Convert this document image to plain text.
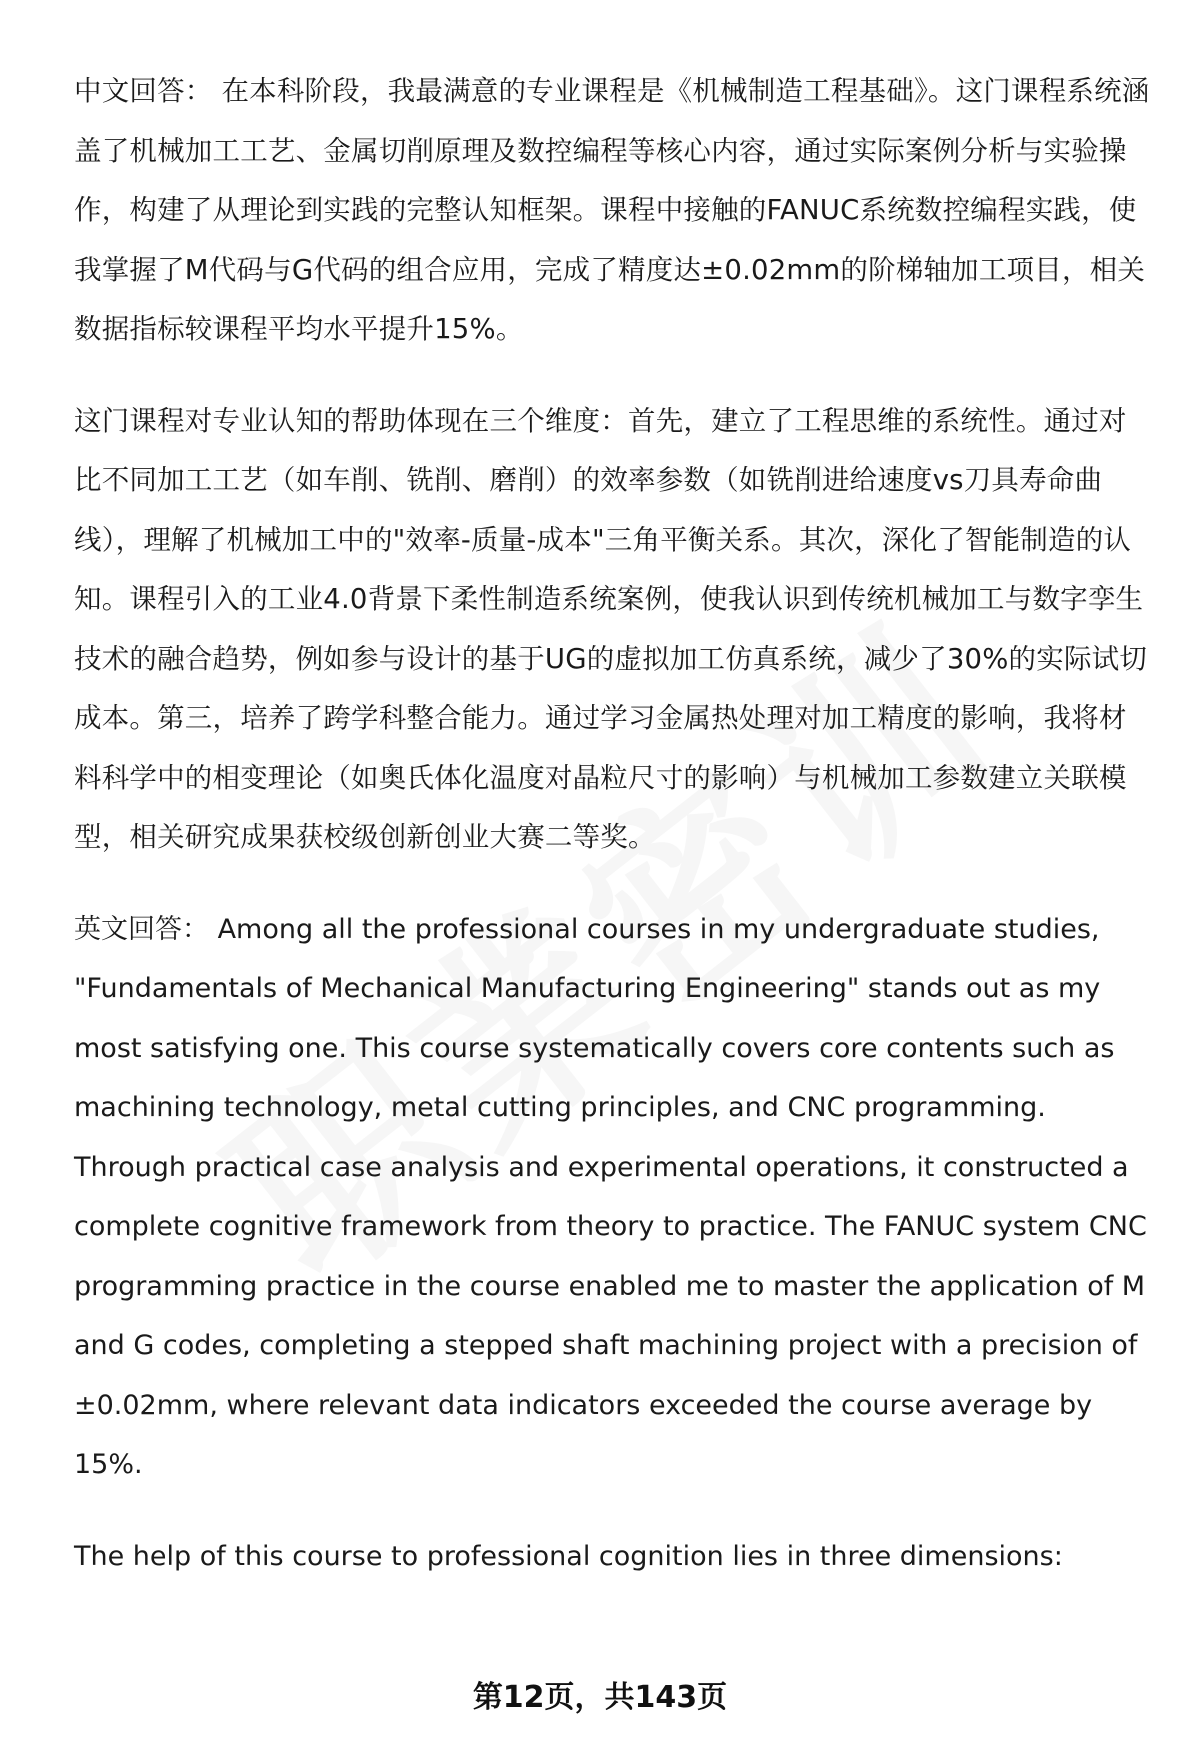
中文回答： 在本科阶段，我最满意的专业课程是《机械制造工程基础》。这门课程系统涵盖了机械加工工艺、金属切削原理及数控编程等核心内容，通过实际案例分析与实验操作，构建了从理论到实践的完整认知框架。课程中接触的FANUC系统数控编程实践，使我掌握了M代码与G代码的组合应用，完成了精度达±0.02mm的阶梯轴加工项目，相关数据指标较课程平均水平提升15%。

这门课程对专业认知的帮助体现在三个维度：首先，建立了工程思维的系统性。通过对比不同加工工艺（如车削、铣削、磨削）的效率参数（如铣削进给速度vs刀具寿命曲线），理解了机械加工中的"效率-质量-成本"三角平衡关系。其次，深化了智能制造的认知。课程引入的工业4.0背景下柔性制造系统案例，使我认识到传统机械加工与数字孪生技术的融合趋势，例如参与设计的基于UG的虚拟加工仿真系统，减少了30%的实际试切成本。第三，培养了跨学科整合能力。通过学习金属热处理对加工精度的影响，我将材料科学中的相变理论（如奥氏体化温度对晶粒尺寸的影响）与机械加工参数建立关联模型，相关研究成果获校级创新创业大赛二等奖。

英文回答： Among all the professional courses in my undergraduate studies, "Fundamentals of Mechanical Manufacturing Engineering" stands out as my most satisfying one. This course systematically covers core contents such as machining technology, metal cutting principles, and CNC programming. Through practical case analysis and experimental operations, it constructed a complete cognitive framework from theory to practice. The FANUC system CNC programming practice in the course enabled me to master the application of M and G codes, completing a stepped shaft machining project with a precision of ±0.02mm, where relevant data indicators exceeded the course average by 15%.

The help of this course to professional cognition lies in three dimensions:

第12页，共143页
